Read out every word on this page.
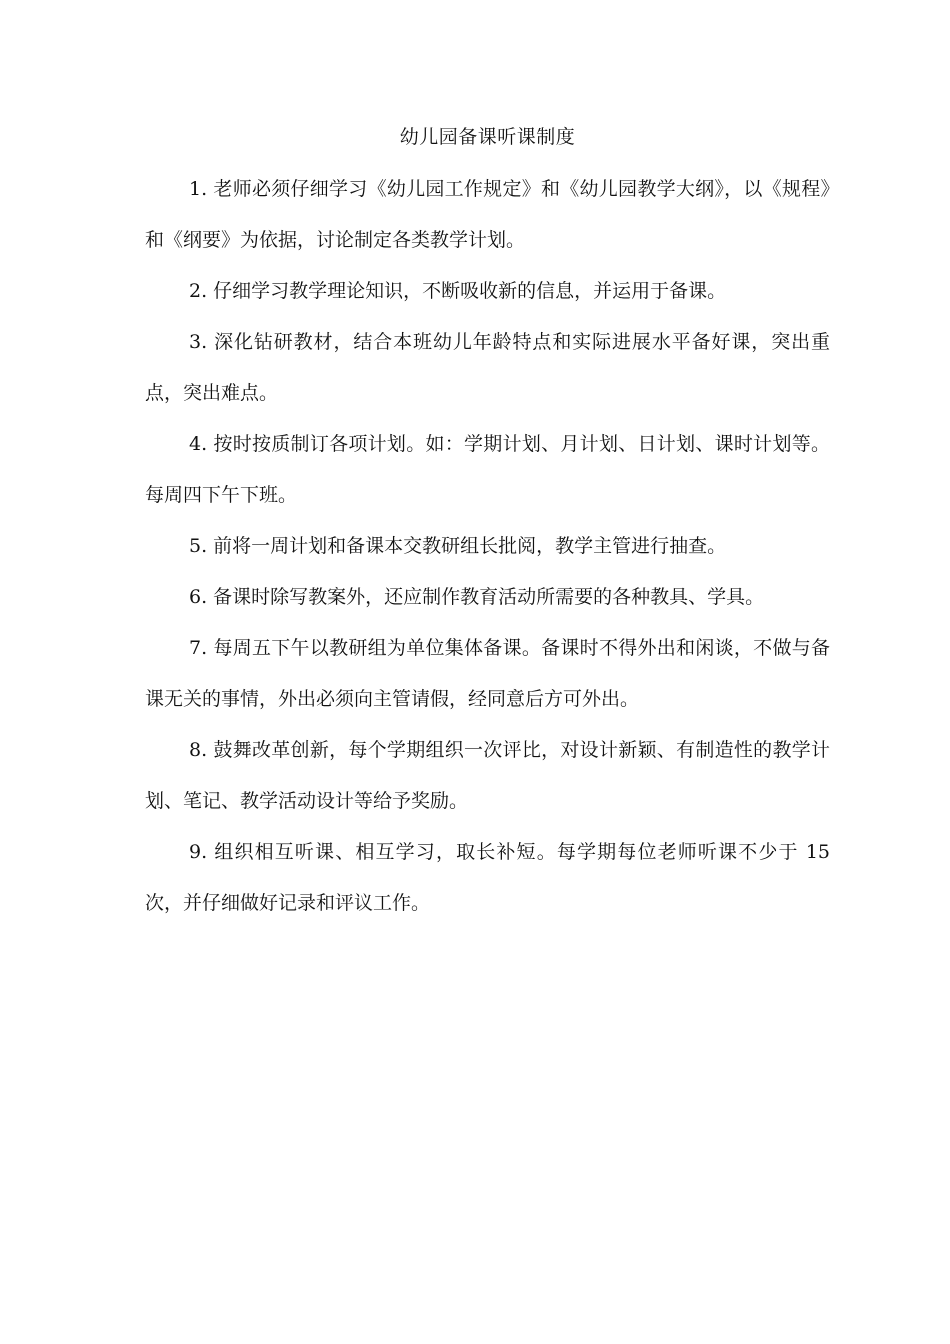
幼儿园备课听课制度

1. 老师必须仔细学习《幼儿园工作规定》和《幼儿园教学大纲》，以《规程》和《纲要》为依据，讨论制定各类教学计划。

2. 仔细学习教学理论知识，不断吸收新的信息，并运用于备课。

3. 深化钻研教材，结合本班幼儿年龄特点和实际进展水平备好课，突出重点，突出难点。

4. 按时按质制订各项计划。如：学期计划、月计划、日计划、课时计划等。每周四下午下班。

5. 前将一周计划和备课本交教研组长批阅，教学主管进行抽查。

6. 备课时除写教案外，还应制作教育活动所需要的各种教具、学具。

7. 每周五下午以教研组为单位集体备课。备课时不得外出和闲谈，不做与备课无关的事情，外出必须向主管请假，经同意后方可外出。

8. 鼓舞改革创新，每个学期组织一次评比，对设计新颖、有制造性的教学计划、笔记、教学活动设计等给予奖励。

9. 组织相互听课、相互学习，取长补短。每学期每位老师听课不少于 15 次，并仔细做好记录和评议工作。
